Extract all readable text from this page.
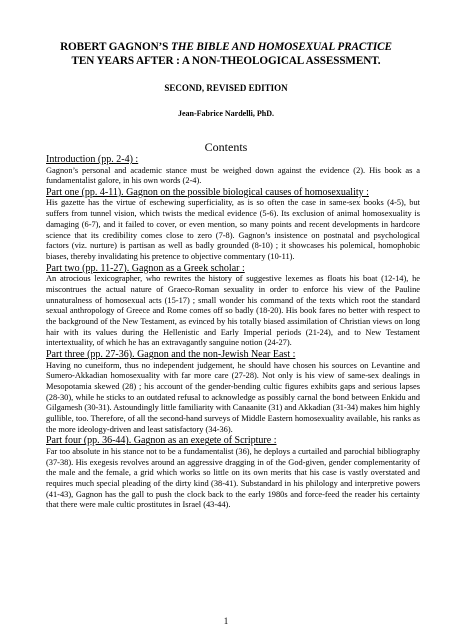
ROBERT GAGNON’S THE BIBLE AND HOMOSEXUAL PRACTICE
TEN YEARS AFTER : A NON-THEOLOGICAL ASSESSMENT.
SECOND, REVISED EDITION
Jean-Fabrice Nardelli, PhD.
Contents
Introduction (pp. 2-4) :
Gagnon’s personal and academic stance must be weighed down against the evidence (2). His book as a fundamentalist galore, in his own words (2-4).
Part one (pp. 4-11). Gagnon on the possible biological causes of homosexuality :
His gazette has the virtue of eschewing superficiality, as is so often the case in same-sex books (4-5), but suffers from tunnel vision, which twists the medical evidence (5-6). Its exclusion of animal homosexuality is damaging (6-7), and it failed to cover, or even mention, so many points and recent developments in hardcore science that its credibility comes close to zero (7-8). Gagnon’s insistence on postnatal and psychological factors (viz. nurture) is partisan as well as badly grounded (8-10) ; it showcases his polemical, homophobic biases, thereby invalidating his pretence to objective commentary (10-11).
Part two (pp. 11-27). Gagnon as a Greek scholar :
An atrocious lexicographer, who rewrites the history of suggestive lexemes as floats his boat (12-14), he miscontrues the actual nature of Graeco-Roman sexuality in order to enforce his view of the Pauline unnaturalness of homosexual acts (15-17) ; small wonder his command of the texts which root the standard sexual anthropology of Greece and Rome comes off so badly (18-20). His book fares no better with respect to the background of the New Testament, as evinced by his totally biased assimilation of Christian views on long hair with its values during the Hellenistic and Early Imperial periods (21-24), and to New Testament intertextuality, of which he has an extravagantly sanguine notion (24-27).
Part three (pp. 27-36). Gagnon and the non-Jewish Near East :
Having no cuneiform, thus no independent judgement, he should have chosen his sources on Levantine and Sumero-Akkadian homosexuality with far more care (27-28). Not only is his view of same-sex dealings in Mesopotamia skewed (28) ; his account of the gender-bending cultic figures exhibits gaps and serious lapses (28-30), while he sticks to an outdated refusal to acknowledge as possibly carnal the bond between Enkidu and Gilgamesh (30-31). Astoundingly little familiarity with Canaanite (31) and Akkadian (31-34) makes him highly gullible, too. Therefore, of all the second-hand surveys of Middle Eastern homosexuality available, his ranks as the more ideology-driven and least satisfactory (34-36).
Part four (pp. 36-44). Gagnon as an exegete of Scripture :
Far too absolute in his stance not to be a fundamentalist (36), he deploys a curtailed and parochial bibliography (37-38). His exegesis revolves around an aggressive dragging in of the God-given, gender complementarity of the male and the female, a grid which works so little on its own merits that his case is vastly overstated and requires much special pleading of the dirty kind (38-41). Substandard in his philology and interpretive powers (41-43), Gagnon has the gall to push the clock back to the early 1980s and force-feed the reader his certainty that there were male cultic prostitutes in Israel (43-44).
1
